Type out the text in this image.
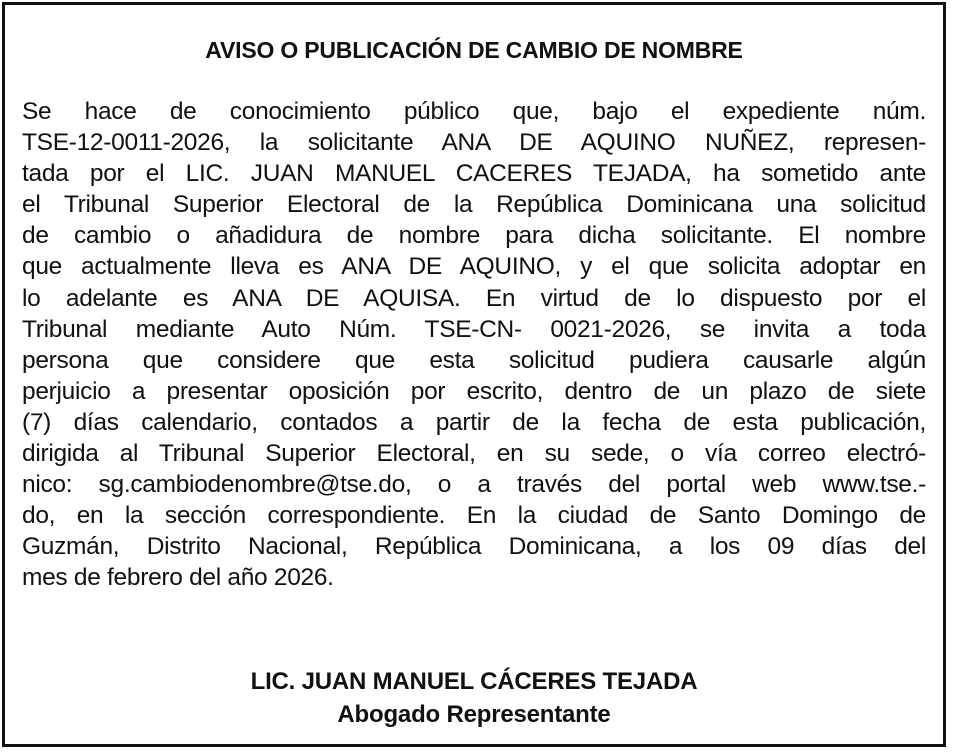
AVISO O PUBLICACIÓN DE CAMBIO DE NOMBRE

Se hace de conocimiento público que, bajo el expediente núm.
TSE-12-0011-2026, la solicitante ANA DE AQUINO NUÑEZ, represen-
tada por el LIC. JUAN MANUEL CACERES TEJADA, ha sometido ante
el Tribunal Superior Electoral de la República Dominicana una solicitud
de cambio o añadidura de nombre para dicha solicitante. El nombre
que actualmente lleva es ANA DE AQUINO, y el que solicita adoptar en
lo adelante es ANA DE AQUISA. En virtud de lo dispuesto por el
Tribunal mediante Auto Núm. TSE-CN- 0021-2026, se invita a toda
persona que considere que esta solicitud pudiera causarle algún
perjuicio a presentar oposición por escrito, dentro de un plazo de siete
(7) días calendario, contados a partir de la fecha de esta publicación,
dirigida al Tribunal Superior Electoral, en su sede, o vía correo electró-
nico: sg.cambiodenombre@tse.do, o a través del portal web www.tse.-
do, en la sección correspondiente. En la ciudad de Santo Domingo de
Guzmán, Distrito Nacional, República Dominicana, a los 09 días del
mes de febrero del año 2026.

LIC. JUAN MANUEL CÁCERES TEJADA
Abogado Representante
